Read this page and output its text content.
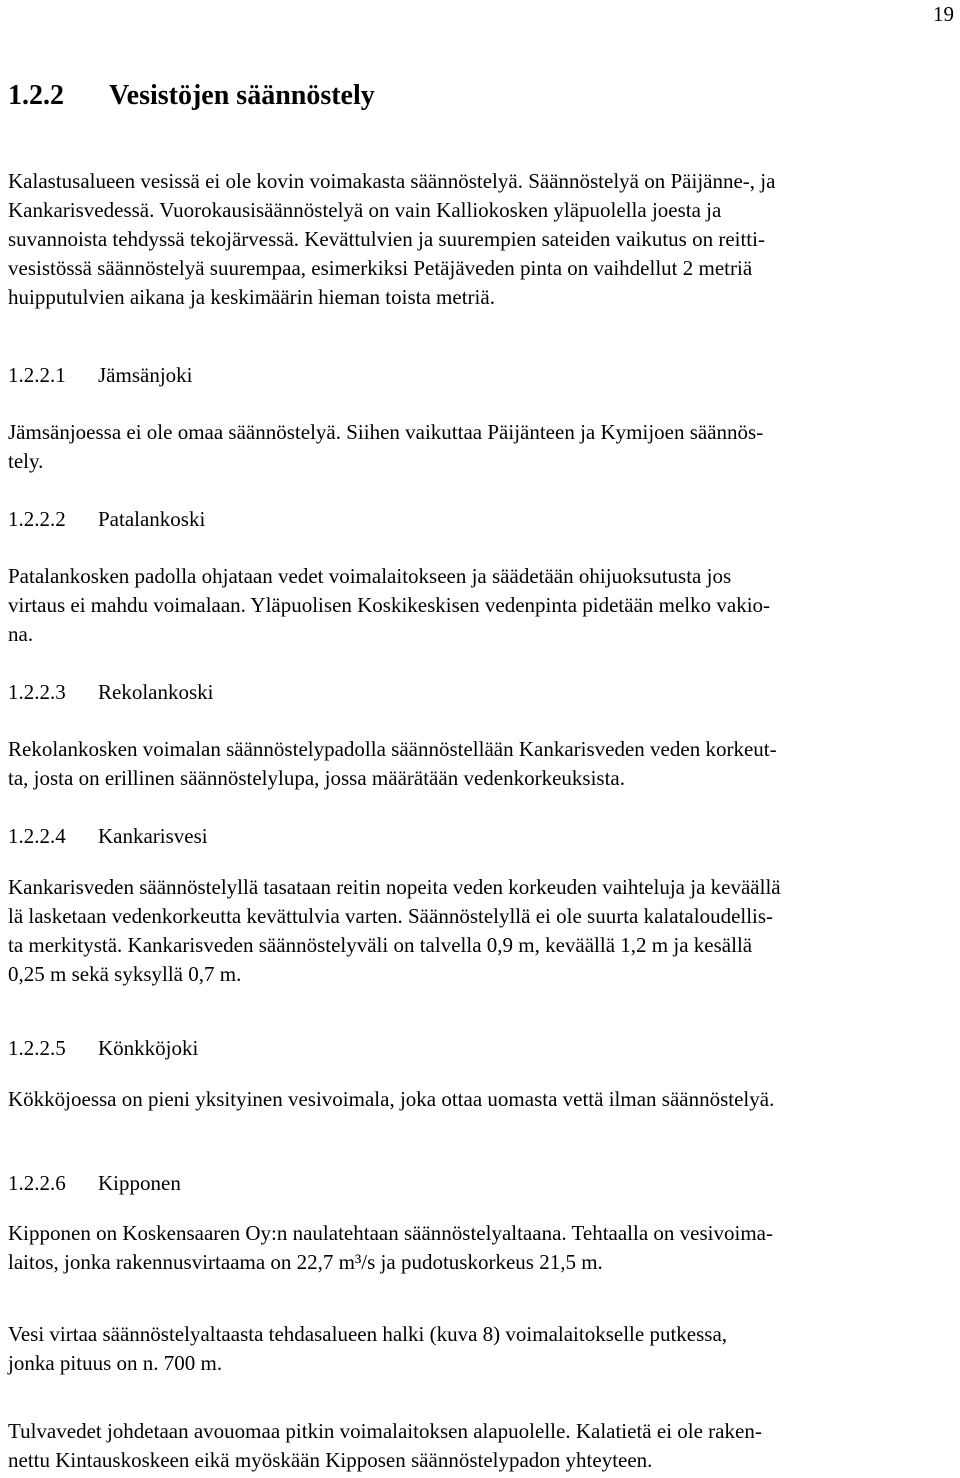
19
1.2.2 Vesistöjen säännöstely
Kalastusalueen vesissä ei ole kovin voimakasta säännöstelyä. Säännöstelyä on Päijänne-, ja
Kankarisvedessä. Vuorokausisäännöstelyä on vain Kalliokosken yläpuolella joesta ja
suvannoista tehdyssä tekojärvessä. Kevättulvien ja suurempien sateiden vaikutus on reitti-
vesistössä säännöstelyä suurempaa, esimerkiksi Petäjäveden pinta on vaihdellut 2 metriä
huipputulvien aikana ja keskimäärin hieman toista metriä.
1.2.2.1 Jämsänjoki
Jämsänjoessa ei ole omaa säännöstelyä. Siihen vaikuttaa Päijänteen ja Kymijoen säännös-
tely.
1.2.2.2 Patalankoski
Patalankosken padolla ohjataan vedet voimalaitokseen ja säädetään ohijuoksutusta jos
virtaus ei mahdu voimalaan. Yläpuolisen Koskikeskisen vedenpinta pidetään melko vakio-
na.
1.2.2.3 Rekolankoski
Rekolankosken voimalan säännöstelypadolla säännöstellään Kankarisveden veden korkeut-
ta, josta on erillinen säännöstelylupa, jossa määrätään vedenkorkeuksista.
1.2.2.4 Kankarisvesi
Kankarisveden säännöstelyllä tasataan reitin nopeita veden korkeuden vaihteluja ja keväällä
lä lasketaan vedenkorkeutta kevättulvia varten. Säännöstelyllä ei ole suurta kalataloudellis-
ta merkitystä. Kankarisveden säännöstelyväli on talvella 0,9 m, keväällä 1,2 m ja kesällä
0,25 m sekä syksyllä 0,7 m.
1.2.2.5 Könkköjoki
Kökköjoessa on pieni yksityinen vesivoimala, joka ottaa uomasta vettä ilman säännöstelyä.
1.2.2.6 Kipponen
Kipponen on Koskensaaren Oy:n naulatehtaan säännöstelyaltaana. Tehtaalla on vesivoima-
laitos, jonka rakennusvirtaama on 22,7 m³/s ja pudotuskorkeus 21,5 m.
Vesi virtaa säännöstelyaltaasta tehdasalueen halki (kuva 8) voimalaitokselle putkessa,
jonka pituus on n. 700 m.
Tulvavedet johdetaan avouomaa pitkin voimalaitoksen alapuolelle. Kalatietä ei ole raken-
nettu Kintauskoskeen eikä myöskään Kipposen säännöstelypadon yhteyteen.
